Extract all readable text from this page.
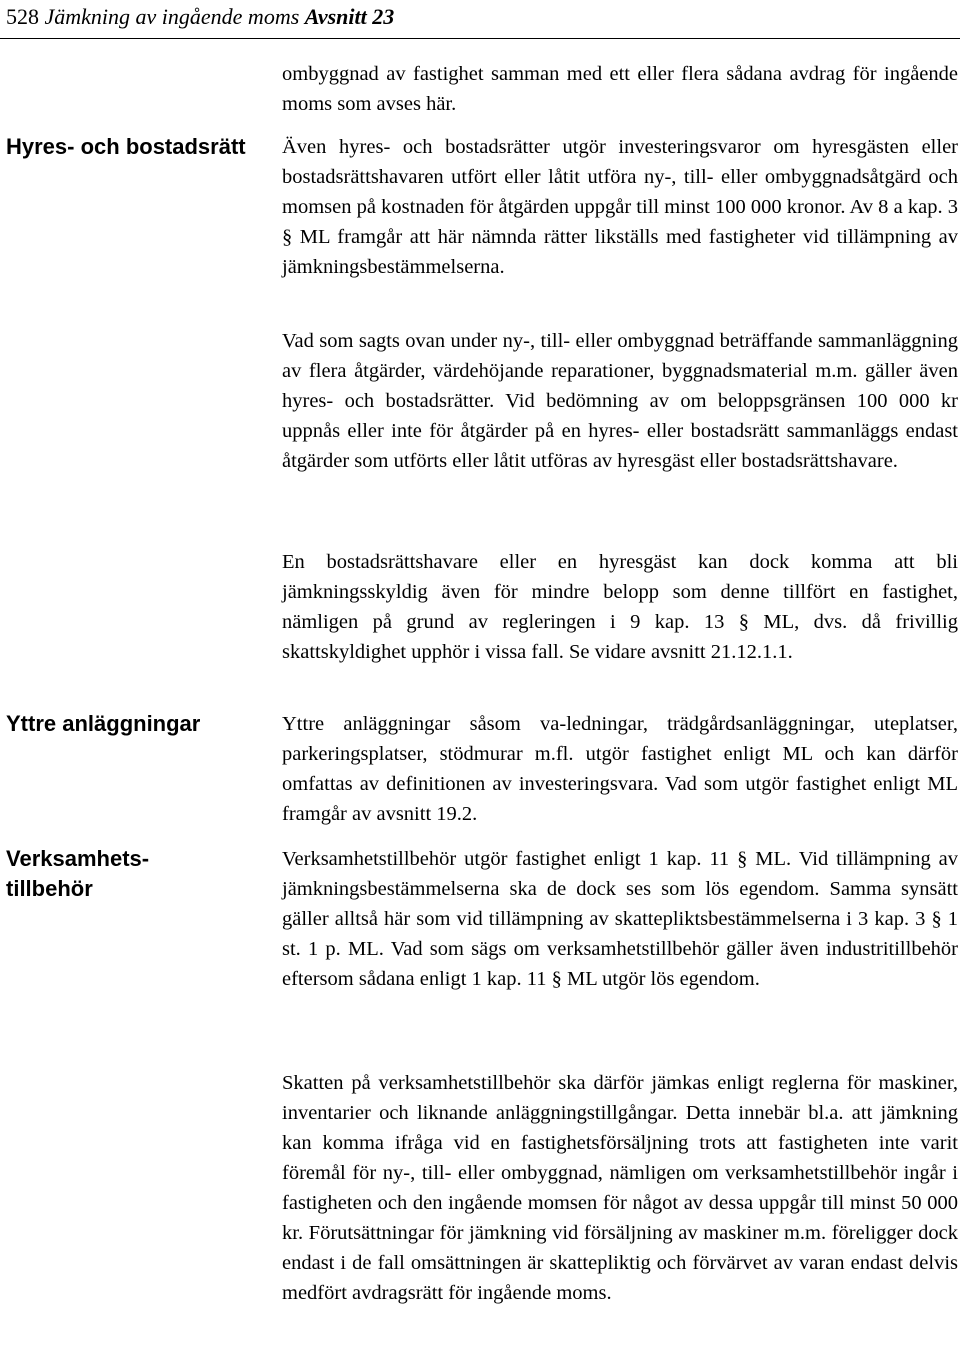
528 Jämkning av ingående moms Avsnitt 23
Hyres- och bostadsrätt
Yttre anläggningar
Verksamhets- tillbehör
ombyggnad av fastighet samman med ett eller flera sådana avdrag för ingående moms som avses här.
Även hyres- och bostadsrätter utgör investeringsvaror om hyresgästen eller bostadsrättshavaren utfört eller låtit utföra ny-, till- eller ombyggnadsåtgärd och momsen på kostnaden för åtgärden uppgår till minst 100 000 kronor. Av 8 a kap. 3 § ML framgår att här nämnda rätter likställs med fastigheter vid tillämpning av jämkningsbestämmelserna.
Vad som sagts ovan under ny-, till- eller ombyggnad beträffande sammanläggning av flera åtgärder, värdehöjande reparationer, byggnadsmaterial m.m. gäller även hyres- och bostadsrätter. Vid bedömning av om beloppsgränsen 100 000 kr uppnås eller inte för åtgärder på en hyres- eller bostadsrätt sammanläggs endast åtgärder som utförts eller låtit utföras av hyresgäst eller bostadsrättshavare.
En bostadsrättshavare eller en hyresgäst kan dock komma att bli jämkningsskyldig även för mindre belopp som denne tillfört en fastighet, nämligen på grund av regleringen i 9 kap. 13 § ML, dvs. då frivillig skattskyldighet upphör i vissa fall. Se vidare avsnitt 21.12.1.1.
Yttre anläggningar såsom va-ledningar, trädgårdsanläggningar, uteplatser, parkeringsplatser, stödmurar m.fl. utgör fastighet enligt ML och kan därför omfattas av definitionen av investeringsvara. Vad som utgör fastighet enligt ML framgår av avsnitt 19.2.
Verksamhetstillbehör utgör fastighet enligt 1 kap. 11 § ML. Vid tillämpning av jämkningsbestämmelserna ska de dock ses som lös egendom. Samma synsätt gäller alltså här som vid tillämpning av skattepliktsbestämmelserna i 3 kap. 3 § 1 st. 1 p. ML. Vad som sägs om verksamhetstillbehör gäller även industritillbehör eftersom sådana enligt 1 kap. 11 § ML utgör lös egendom.
Skatten på verksamhetstillbehör ska därför jämkas enligt reglerna för maskiner, inventarier och liknande anläggningstillgångar. Detta innebär bl.a. att jämkning kan komma ifråga vid en fastighetsförsäljning trots att fastigheten inte varit föremål för ny-, till- eller ombyggnad, nämligen om verksamhetstillbehör ingår i fastigheten och den ingående momsen för något av dessa uppgår till minst 50 000 kr. Förutsättningar för jämkning vid försäljning av maskiner m.m. föreligger dock endast i de fall omsättningen är skattepliktig och förvärvet av varan endast delvis medfört avdragsrätt för ingående moms.
